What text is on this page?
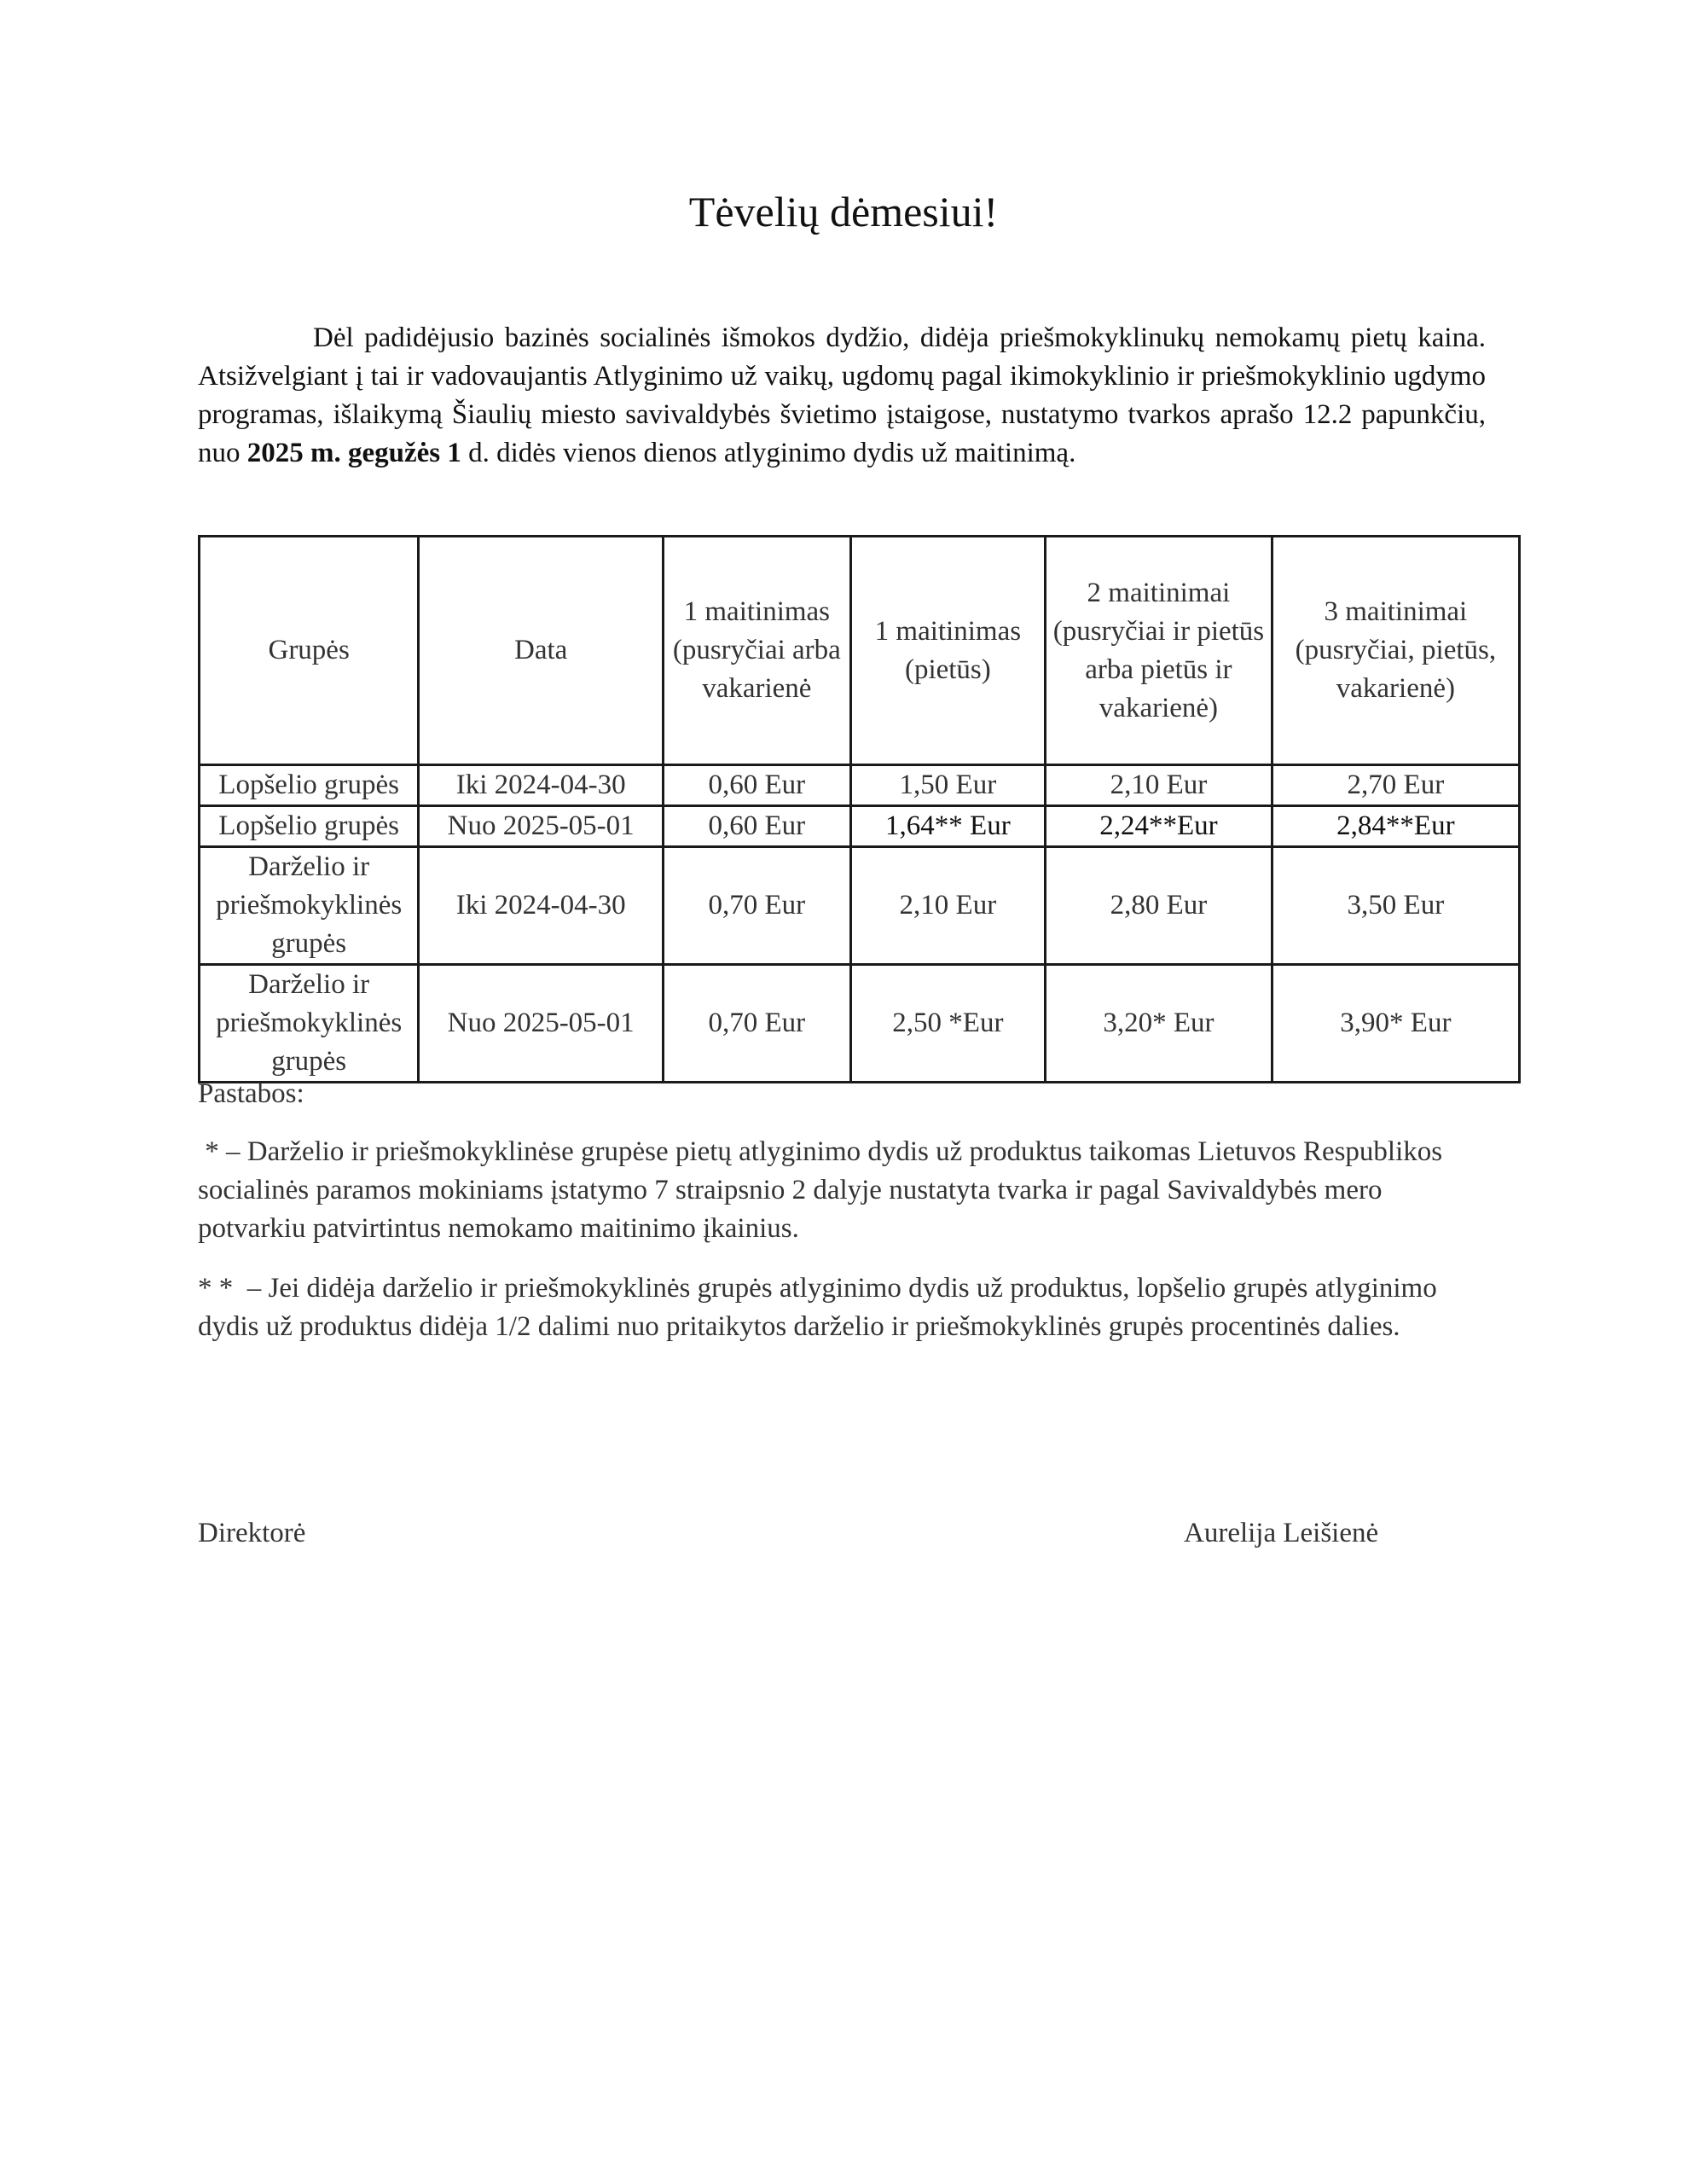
Tėvelių dėmesiui!

Dėl padidėjusio bazinės socialinės išmokos dydžio, didėja priešmokyklinukų nemokamų pietų kaina. Atsižvelgiant į tai ir vadovaujantis Atlyginimo už vaikų, ugdomų pagal ikimokyklinio ir priešmokyklinio ugdymo programas, išlaikymą Šiaulių miesto savivaldybės švietimo įstaigose, nustatymo tvarkos aprašo 12.2 papunkčiu, nuo 2025 m. gegužės 1 d. didės vienos dienos atlyginimo dydis už maitinimą.

Grupės	Data	1 maitinimas (pusryčiai arba vakarienė	1 maitinimas (pietūs)	2 maitinimai (pusryčiai ir pietūs arba pietūs ir vakarienė)	3 maitinimai (pusryčiai, pietūs, vakarienė)
Lopšelio grupės	Iki 2024-04-30	0,60 Eur	1,50 Eur	2,10 Eur	2,70 Eur
Lopšelio grupės	Nuo 2025-05-01	0,60 Eur	1,64** Eur	2,24**Eur	2,84**Eur
Darželio ir priešmokyklinės grupės	Iki 2024-04-30	0,70 Eur	2,10 Eur	2,80 Eur	3,50 Eur
Darželio ir priešmokyklinės grupės	Nuo 2025-05-01	0,70 Eur	2,50 *Eur	3,20* Eur	3,90* Eur
Pastabos:
* – Darželio ir priešmokyklinėse grupėse pietų atlyginimo dydis už produktus taikomas Lietuvos Respublikos socialinės paramos mokiniams įstatymo 7 straipsnio 2 dalyje nustatyta tvarka ir pagal Savivaldybės mero potvarkiu patvirtintus nemokamo maitinimo įkainius.
* *  – Jei didėja darželio ir priešmokyklinės grupės atlyginimo dydis už produktus, lopšelio grupės atlyginimo dydis už produktus didėja 1/2 dalimi nuo pritaikytos darželio ir priešmokyklinės grupės procentinės dalies.
Direktorė	Aurelija Leišienė
